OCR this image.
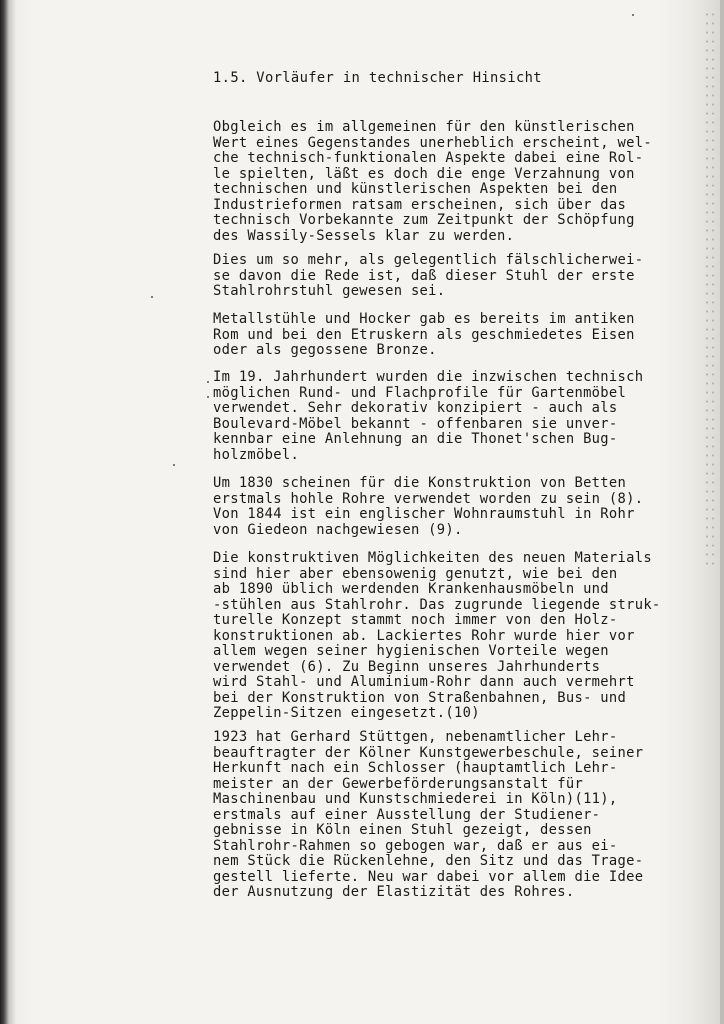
1.5. Vorläufer in technischer Hinsicht
Obgleich es im allgemeinen für den künstlerischen
Wert eines Gegenstandes unerheblich erscheint, wel-
che technisch-funktionalen Aspekte dabei eine Rol-
le spielten, läßt es doch die enge Verzahnung von
technischen und künstlerischen Aspekten bei den
Industrieformen ratsam erscheinen, sich über das
technisch Vorbekannte zum Zeitpunkt der Schöpfung
des Wassily-Sessels klar zu werden.
Dies um so mehr, als gelegentlich fälschlicherwei-
se davon die Rede ist, daß dieser Stuhl der erste
Stahlrohrstuhl gewesen sei.
Metallstühle und Hocker gab es bereits im antiken
Rom und bei den Etruskern als geschmiedetes Eisen
oder als gegossene Bronze.
Im 19. Jahrhundert wurden die inzwischen technisch
möglichen Rund- und Flachprofile für Gartenmöbel
verwendet. Sehr dekorativ konzipiert - auch als
Boulevard-Möbel bekannt - offenbaren sie unver-
kennbar eine Anlehnung an die Thonet'schen Bug-
holzmöbel.
Um 1830 scheinen für die Konstruktion von Betten
erstmals hohle Rohre verwendet worden zu sein (8).
Von 1844 ist ein englischer Wohnraumstuhl in Rohr
von Giedeon nachgewiesen (9).
Die konstruktiven Möglichkeiten des neuen Materials
sind hier aber ebensowenig genutzt, wie bei den
ab 1890 üblich werdenden Krankenhausmöbeln und
-stühlen aus Stahlrohr. Das zugrunde liegende struk-
turelle Konzept stammt noch immer von den Holz-
konstruktionen ab. Lackiertes Rohr wurde hier vor
allem wegen seiner hygienischen Vorteile wegen
verwendet (6). Zu Beginn unseres Jahrhunderts
wird Stahl- und Aluminium-Rohr dann auch vermehrt
bei der Konstruktion von Straßenbahnen, Bus- und
Zeppelin-Sitzen eingesetzt.(10)
1923 hat Gerhard Stüttgen, nebenamtlicher Lehr-
beauftragter der Kölner Kunstgewerbeschule, seiner
Herkunft nach ein Schlosser (hauptamtlich Lehr-
meister an der Gewerbeförderungsanstalt für
Maschinenbau und Kunstschmiederei in Köln)(11),
erstmals auf einer Ausstellung der Studiener-
gebnisse in Köln einen Stuhl gezeigt, dessen
Stahlrohr-Rahmen so gebogen war, daß er aus ei-
nem Stück die Rückenlehne, den Sitz und das Trage-
gestell lieferte. Neu war dabei vor allem die Idee
der Ausnutzung der Elastizität des Rohres.
